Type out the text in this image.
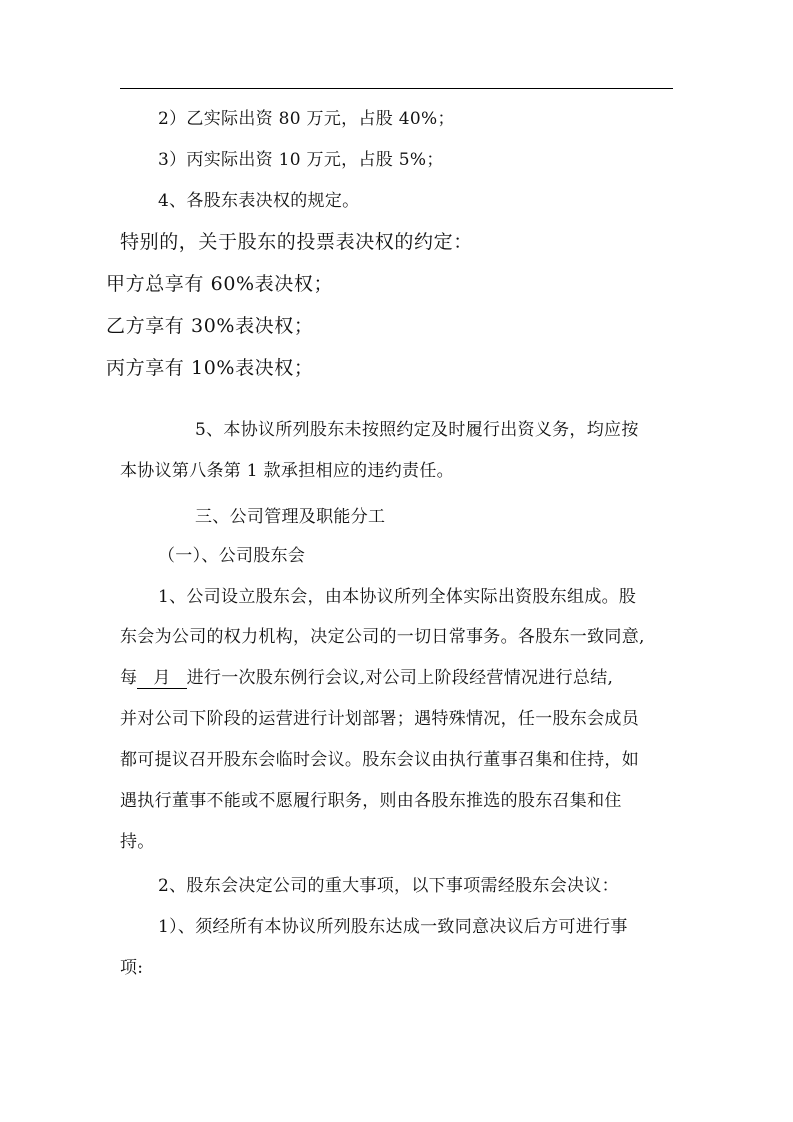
2）乙实际出资 80 万元，占股 40%；
3）丙实际出资 10 万元，占股 5%；
4、各股东表决权的规定。
特别的，关于股东的投票表决权的约定：
甲方总享有 60%表决权；
乙方享有 30%表决权；
丙方享有 10%表决权；
5、本协议所列股东未按照约定及时履行出资义务，均应按
本协议第八条第 1 款承担相应的违约责任。
三、公司管理及职能分工
（一）、公司股东会
1、公司设立股东会，由本协议所列全体实际出资股东组成。股
东会为公司的权力机构，决定公司的一切日常事务。各股东一致同意,
每 月 进行一次股东例行会议,对公司上阶段经营情况进行总结,
并对公司下阶段的运营进行计划部署；遇特殊情况，任一股东会成员
都可提议召开股东会临时会议。股东会议由执行董事召集和住持，如
遇执行董事不能或不愿履行职务，则由各股东推选的股东召集和住
持。
2、股东会决定公司的重大事项，以下事项需经股东会决议：
1）、须经所有本协议所列股东达成一致同意决议后方可进行事
项:
